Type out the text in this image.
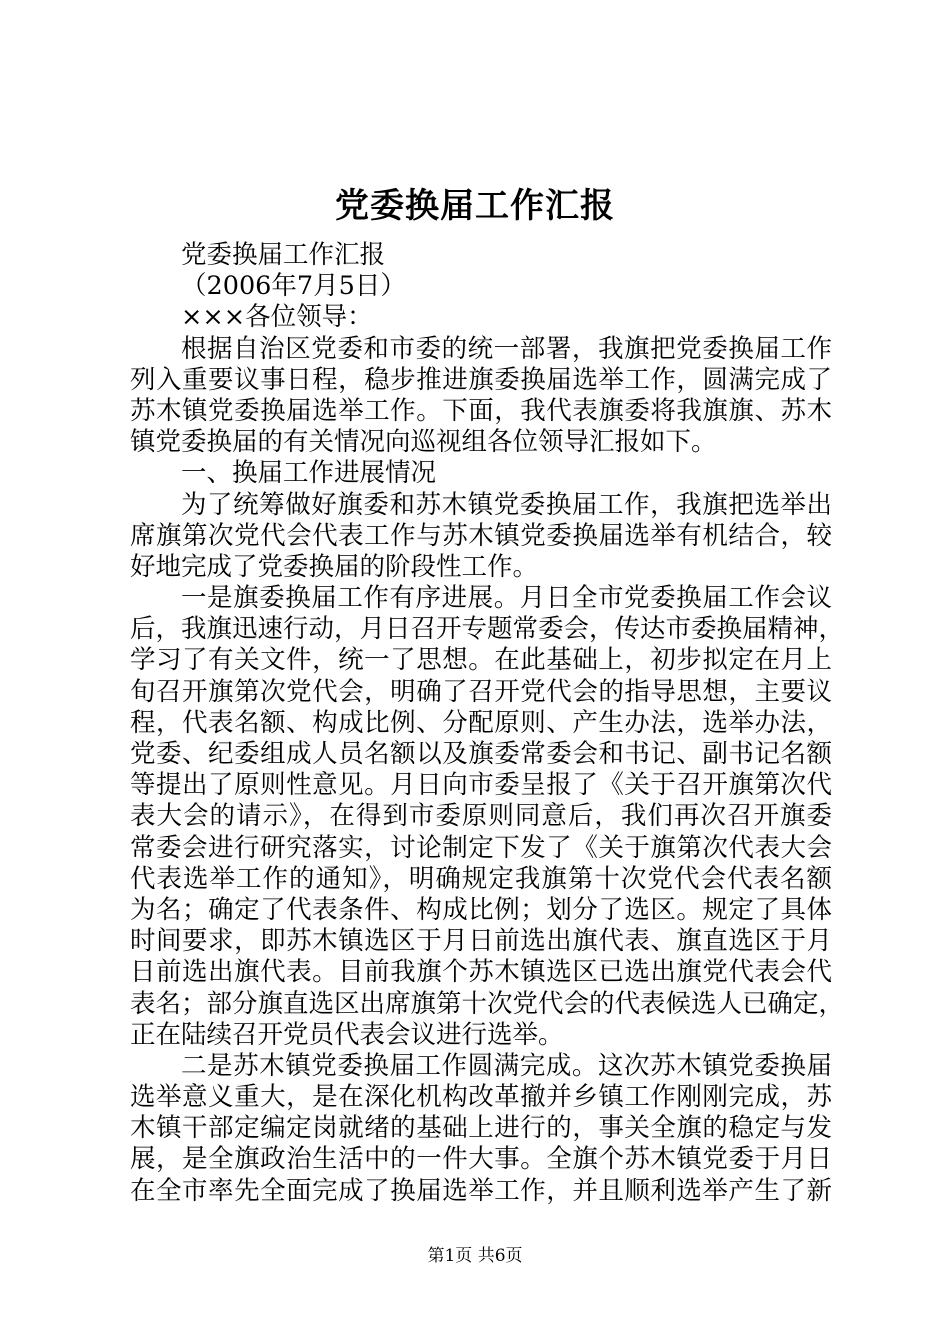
党委换届工作汇报
党委换届工作汇报
（2006年7月5日）
×××各位领导：
根据自治区党委和市委的统一部署，我旗把党委换届工作
列入重要议事日程，稳步推进旗委换届选举工作，圆满完成了
苏木镇党委换届选举工作。下面，我代表旗委将我旗旗、苏木
镇党委换届的有关情况向巡视组各位领导汇报如下。
一、换届工作进展情况
为了统筹做好旗委和苏木镇党委换届工作，我旗把选举出
席旗第次党代会代表工作与苏木镇党委换届选举有机结合，较
好地完成了党委换届的阶段性工作。
一是旗委换届工作有序进展。月日全市党委换届工作会议
后，我旗迅速行动，月日召开专题常委会，传达市委换届精神，
学习了有关文件，统一了思想。在此基础上，初步拟定在月上
旬召开旗第次党代会，明确了召开党代会的指导思想，主要议
程，代表名额、构成比例、分配原则、产生办法，选举办法，
党委、纪委组成人员名额以及旗委常委会和书记、副书记名额
等提出了原则性意见。月日向市委呈报了《关于召开旗第次代
表大会的请示》，在得到市委原则同意后，我们再次召开旗委
常委会进行研究落实，讨论制定下发了《关于旗第次代表大会
代表选举工作的通知》，明确规定我旗第十次党代会代表名额
为名；确定了代表条件、构成比例；划分了选区。规定了具体
时间要求，即苏木镇选区于月日前选出旗代表、旗直选区于月
日前选出旗代表。目前我旗个苏木镇选区已选出旗党代表会代
表名；部分旗直选区出席旗第十次党代会的代表候选人已确定，
正在陆续召开党员代表会议进行选举。
二是苏木镇党委换届工作圆满完成。这次苏木镇党委换届
选举意义重大，是在深化机构改革撤并乡镇工作刚刚完成，苏
木镇干部定编定岗就绪的基础上进行的，事关全旗的稳定与发
展，是全旗政治生活中的一件大事。全旗个苏木镇党委于月日
在全市率先全面完成了换届选举工作，并且顺利选举产生了新
第1页 共6页
